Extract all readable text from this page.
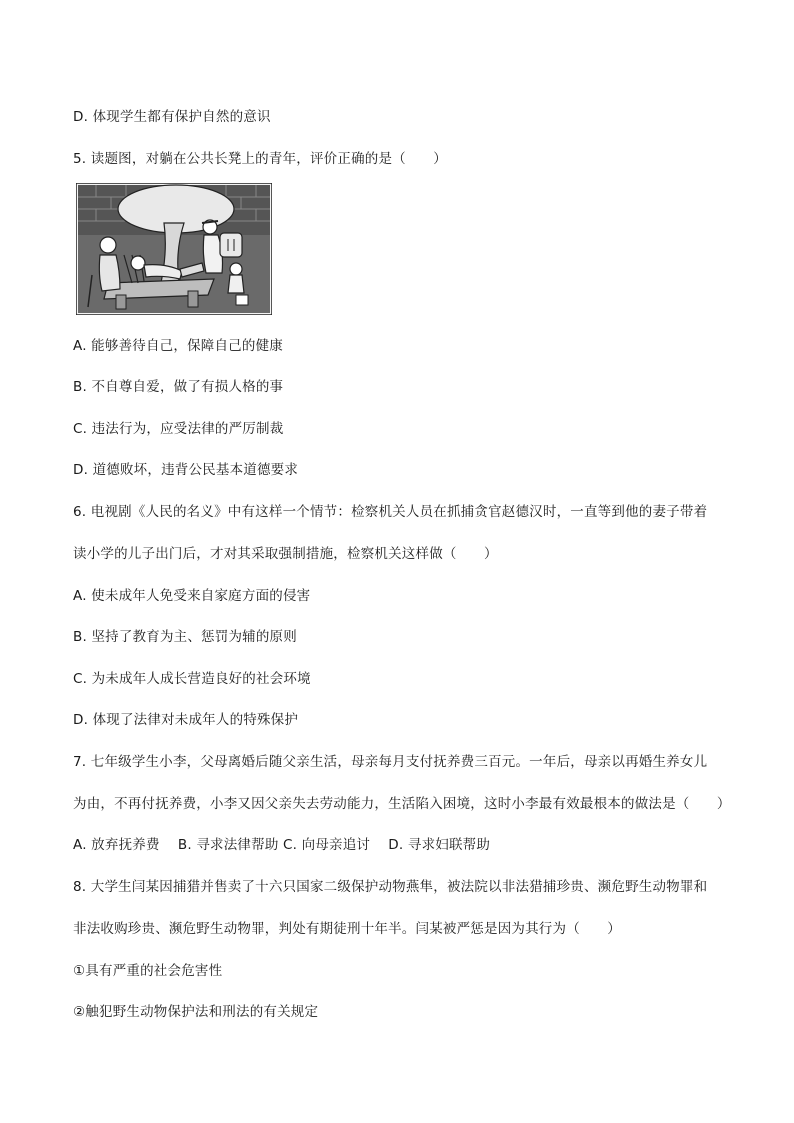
D. 体现学生都有保护自然的意识
5. 读题图，对躺在公共长凳上的青年，评价正确的是（　　）
A. 能够善待自己，保障自己的健康
B. 不自尊自爱，做了有损人格的事
C. 违法行为，应受法律的严厉制裁
D. 道德败坏，违背公民基本道德要求
6. 电视剧《人民的名义》中有这样一个情节：检察机关人员在抓捕贪官赵德汉时，一直等到他的妻子带着
读小学的儿子出门后，才对其采取强制措施，检察机关这样做（　　）
A. 使未成年人免受来自家庭方面的侵害
B. 坚持了教育为主、惩罚为辅的原则
C. 为未成年人成长营造良好的社会环境
D. 体现了法律对未成年人的特殊保护
7. 七年级学生小李，父母离婚后随父亲生活，母亲每月支付抚养费三百元。一年后，母亲以再婚生养女儿
为由，不再付抚养费，小李又因父亲失去劳动能力，生活陷入困境，这时小李最有效最根本的做法是（　　）
A. 放弃抚养费　 B. 寻求法律帮助 C. 向母亲追讨　 D. 寻求妇联帮助
8. 大学生闫某因捕猎并售卖了十六只国家二级保护动物燕隼，被法院以非法猎捕珍贵、濒危野生动物罪和
非法收购珍贵、濒危野生动物罪，判处有期徒刑十年半。闫某被严惩是因为其行为（　　）
①具有严重的社会危害性
②触犯野生动物保护法和刑法的有关规定
